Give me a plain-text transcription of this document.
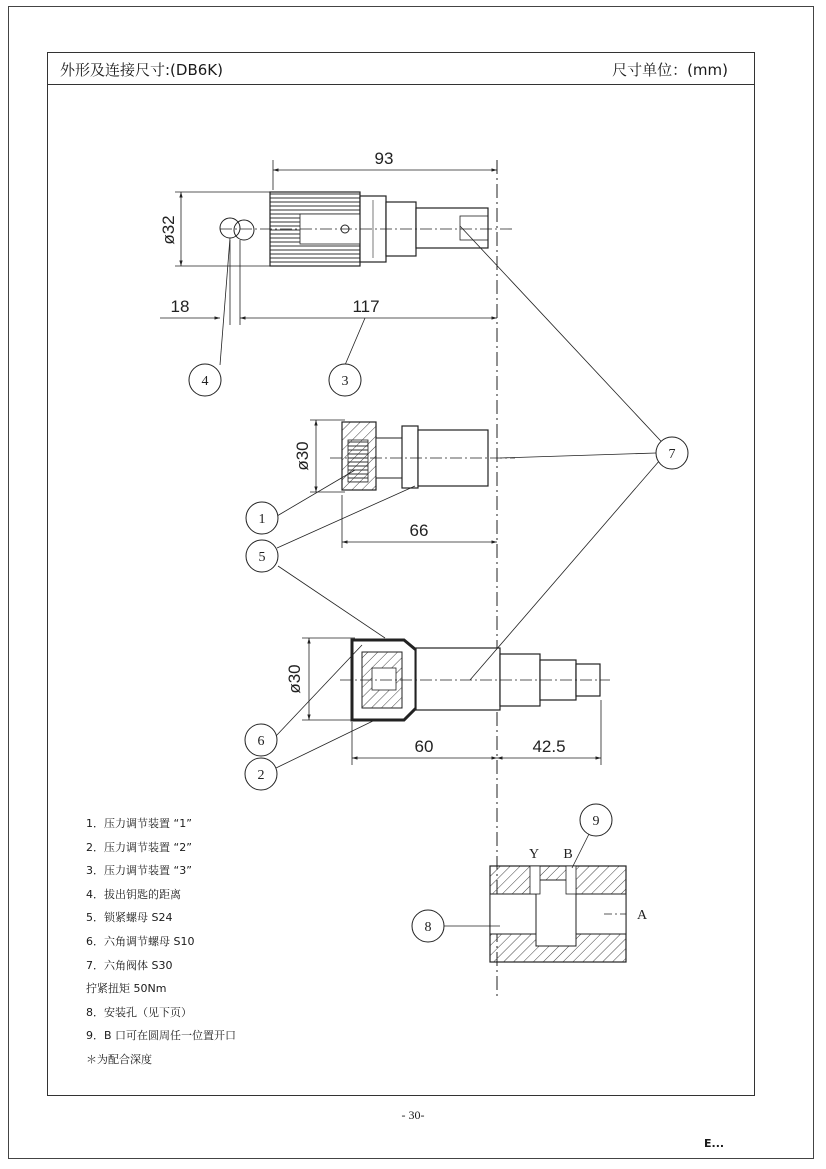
外形及连接尺寸:(DB6K)	尺寸单位：(mm)
93
ø32
18	117
ø30
66
ø30
60	42.5
Y B
A
4	3
7
1
5
6
2
9
8
1．压力调节装置 “1”
2．压力调节装置 “2”
3．压力调节装置 “3”
4．拔出钥匙的距离
5．锁紧螺母 S24
6．六角调节螺母 S10
7．六角阀体 S30
拧紧扭矩 50Nm
8．安装孔（见下页）
9．B 口可在圆周任一位置开口
＊为配合深度
- 30-
E...
